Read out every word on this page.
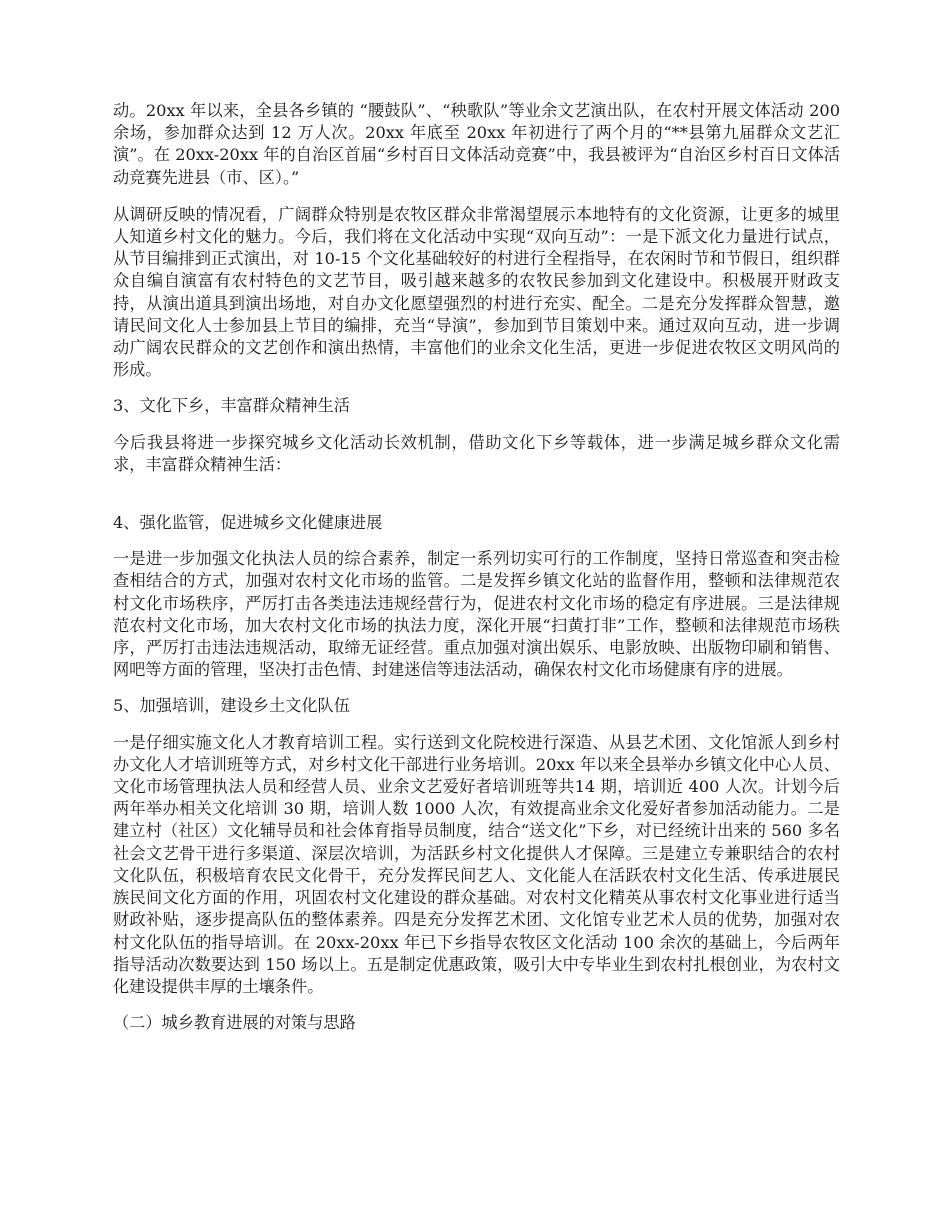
动。20xx 年以来，全县各乡镇的 “腰鼓队”、“秧歌队”等业余文艺演出队，在农村开展文体活动 200 余场，参加群众达到 12 万人次。20xx 年底至 20xx 年初进行了两个月的“**县第九届群众文艺汇演”。在 20xx-20xx 年的自治区首届“乡村百日文体活动竞赛”中，我县被评为“自治区乡村百日文体活动竞赛先进县（市、区）。”

从调研反映的情况看，广阔群众特别是农牧区群众非常渴望展示本地特有的文化资源，让更多的城里人知道乡村文化的魅力。今后，我们将在文化活动中实现“双向互动”：一是下派文化力量进行试点，从节目编排到正式演出，对 10-15 个文化基础较好的村进行全程指导，在农闲时节和节假日，组织群众自编自演富有农村特色的文艺节目，吸引越来越多的农牧民参加到文化建设中。积极展开财政支持，从演出道具到演出场地，对自办文化愿望强烈的村进行充实、配全。二是充分发挥群众智慧，邀请民间文化人士参加县上节目的编排，充当“导演”，参加到节目策划中来。通过双向互动，进一步调动广阔农民群众的文艺创作和演出热情，丰富他们的业余文化生活，更进一步促进农牧区文明风尚的形成。

3、文化下乡，丰富群众精神生活

今后我县将进一步探究城乡文化活动长效机制，借助文化下乡等载体，进一步满足城乡群众文化需求，丰富群众精神生活：

4、强化监管，促进城乡文化健康进展

一是进一步加强文化执法人员的综合素养，制定一系列切实可行的工作制度，坚持日常巡查和突击检查相结合的方式，加强对农村文化市场的监管。二是发挥乡镇文化站的监督作用，整顿和法律规范农村文化市场秩序，严厉打击各类违法违规经营行为，促进农村文化市场的稳定有序进展。三是法律规范农村文化市场，加大农村文化市场的执法力度，深化开展“扫黄打非”工作，整顿和法律规范市场秩序，严厉打击违法违规活动，取缔无证经营。重点加强对演出娱乐、电影放映、出版物印刷和销售、网吧等方面的管理，坚决打击色情、封建迷信等违法活动，确保农村文化市场健康有序的进展。

5、加强培训，建设乡土文化队伍

一是仔细实施文化人才教育培训工程。实行送到文化院校进行深造、从县艺术团、文化馆派人到乡村办文化人才培训班等方式，对乡村文化干部进行业务培训。20xx 年以来全县举办乡镇文化中心人员、文化市场管理执法人员和经营人员、业余文艺爱好者培训班等共14 期，培训近 400 人次。计划今后两年举办相关文化培训 30 期，培训人数 1000 人次，有效提高业余文化爱好者参加活动能力。二是建立村（社区）文化辅导员和社会体育指导员制度，结合“送文化”下乡，对已经统计出来的 560 多名社会文艺骨干进行多渠道、深层次培训，为活跃乡村文化提供人才保障。三是建立专兼职结合的农村文化队伍，积极培育农民文化骨干，充分发挥民间艺人、文化能人在活跃农村文化生活、传承进展民族民间文化方面的作用，巩固农村文化建设的群众基础。对农村文化精英从事农村文化事业进行适当财政补贴，逐步提高队伍的整体素养。四是充分发挥艺术团、文化馆专业艺术人员的优势，加强对农村文化队伍的指导培训。在 20xx-20xx 年已下乡指导农牧区文化活动 100 余次的基础上，今后两年指导活动次数要达到 150 场以上。五是制定优惠政策，吸引大中专毕业生到农村扎根创业，为农村文化建设提供丰厚的土壤条件。

（二）城乡教育进展的对策与思路
